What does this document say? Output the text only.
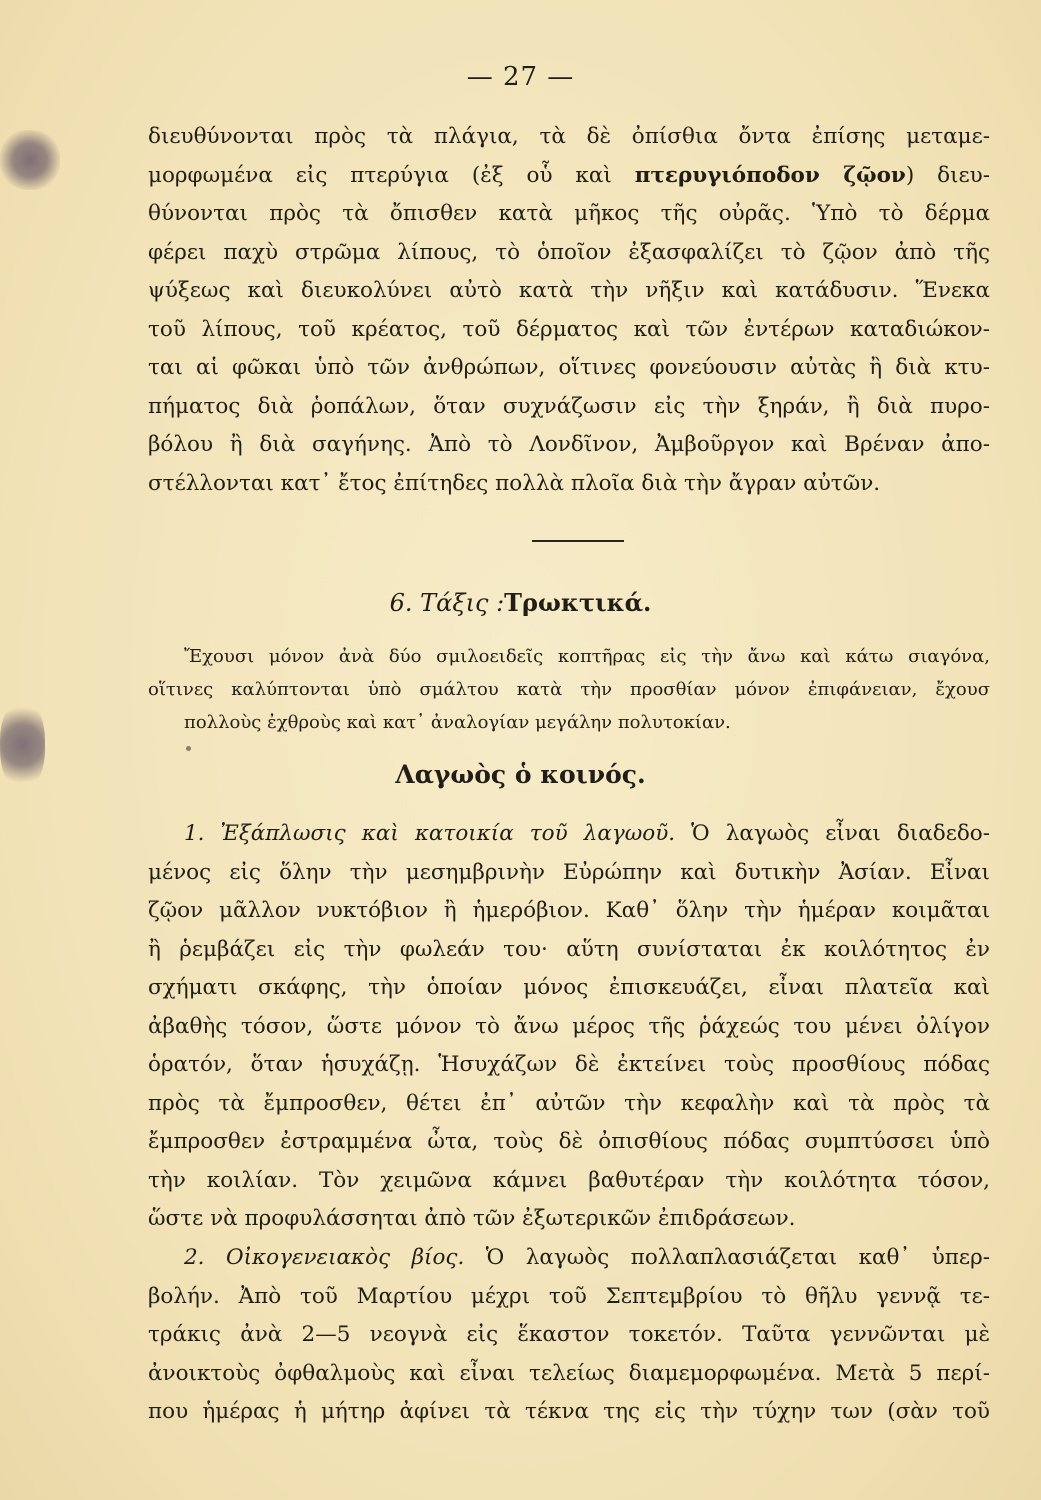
— 27 —
διευθύνονται πρὸς τὰ πλάγια, τὰ δὲ ὀπίσθια ὄντα ἐπίσης μεταμε-
μορφωμένα εἰς πτερύγια (ἐξ οὗ καὶ πτερυγιόποδον ζῷον) διευ-
θύνονται πρὸς τὰ ὄπισθεν κατὰ μῆκος τῆς οὐρᾶς. Ὑπὸ τὸ δέρμα
φέρει παχὺ στρῶμα λίπους, τὸ ὁποῖον ἐξασφαλίζει τὸ ζῷον ἀπὸ τῆς
ψύξεως καὶ διευκολύνει αὐτὸ κατὰ τὴν νῆξιν καὶ κατάδυσιν. Ἕνεκα
τοῦ λίπους, τοῦ κρέατος, τοῦ δέρματος καὶ τῶν ἐντέρων καταδιώκον-
ται αἱ φῶκαι ὑπὸ τῶν ἀνθρώπων, οἵτινες φονεύουσιν αὐτὰς ἢ διὰ κτυ-
πήματος διὰ ῥοπάλων, ὅταν συχνάζωσιν εἰς τὴν ξηράν, ἢ διὰ πυρο-
βόλου ἢ διὰ σαγήνης. Ἀπὸ τὸ Λονδῖνον, Ἀμβοῦργον καὶ Βρέναν ἀπο-
στέλλονται κατ᾽ ἔτος ἐπίτηδες πολλὰ πλοῖα διὰ τὴν ἄγραν αὐτῶν.
6. Τάξις :Τρωκτικά.
Ἔχουσι μόνον ἀνὰ δύο σμιλοειδεῖς κοπτῆρας εἰς τὴν ἄνω καὶ κάτω σιαγόνα,
οἵτινες καλύπτονται ὑπὸ σμάλτου κατὰ τὴν προσθίαν μόνον ἐπιφάνειαν, ἔχουσ
πολλοὺς ἐχθροὺς καὶ κατ᾽ ἀναλογίαν μεγάλην πολυτοκίαν.
Λαγωὸς ὁ κοινός.
1. Ἐξάπλωσις καὶ κατοικία τοῦ λαγωοῦ. Ὁ λαγωὸς εἶναι διαδεδο-
μένος εἰς ὅλην τὴν μεσημβρινὴν Εὐρώπην καὶ δυτικὴν Ἀσίαν. Εἶναι
ζῷον μᾶλλον νυκτόβιον ἢ ἡμερόβιον. Καθ᾽ ὅλην τὴν ἡμέραν κοιμᾶται
ἢ ῥεμβάζει εἰς τὴν φωλεάν του· αὕτη συνίσταται ἐκ κοιλότητος ἐν
σχήματι σκάφης, τὴν ὁποίαν μόνος ἐπισκευάζει, εἶναι πλατεῖα καὶ
ἀβαθὴς τόσον, ὥστε μόνον τὸ ἄνω μέρος τῆς ῥάχεώς του μένει ὀλίγον
ὁρατόν, ὅταν ἡσυχάζῃ. Ἡσυχάζων δὲ ἐκτείνει τοὺς προσθίους πόδας
πρὸς τὰ ἔμπροσθεν, θέτει ἐπ᾽ αὐτῶν τὴν κεφαλὴν καὶ τὰ πρὸς τὰ
ἔμπροσθεν ἐστραμμένα ὦτα, τοὺς δὲ ὀπισθίους πόδας συμπτύσσει ὑπὸ
τὴν κοιλίαν. Τὸν χειμῶνα κάμνει βαθυτέραν τὴν κοιλότητα τόσον,
ὥστε νὰ προφυλάσσηται ἀπὸ τῶν ἐξωτερικῶν ἐπιδράσεων.
2. Οἰκογενειακὸς βίος. Ὁ λαγωὸς πολλαπλασιάζεται καθ᾽ ὑπερ-
βολήν. Ἀπὸ τοῦ Μαρτίου μέχρι τοῦ Σεπτεμβρίου τὸ θῆλυ γεννᾷ τε-
τράκις ἀνὰ 2—5 νεογνὰ εἰς ἕκαστον τοκετόν. Ταῦτα γεννῶνται μὲ
ἀνοικτοὺς ὀφθαλμοὺς καὶ εἶναι τελείως διαμεμορφωμένα. Μετὰ 5 περί-
που ἡμέρας ἡ μήτηρ ἀφίνει τὰ τέκνα της εἰς τὴν τύχην των (σὰν τοῦ
